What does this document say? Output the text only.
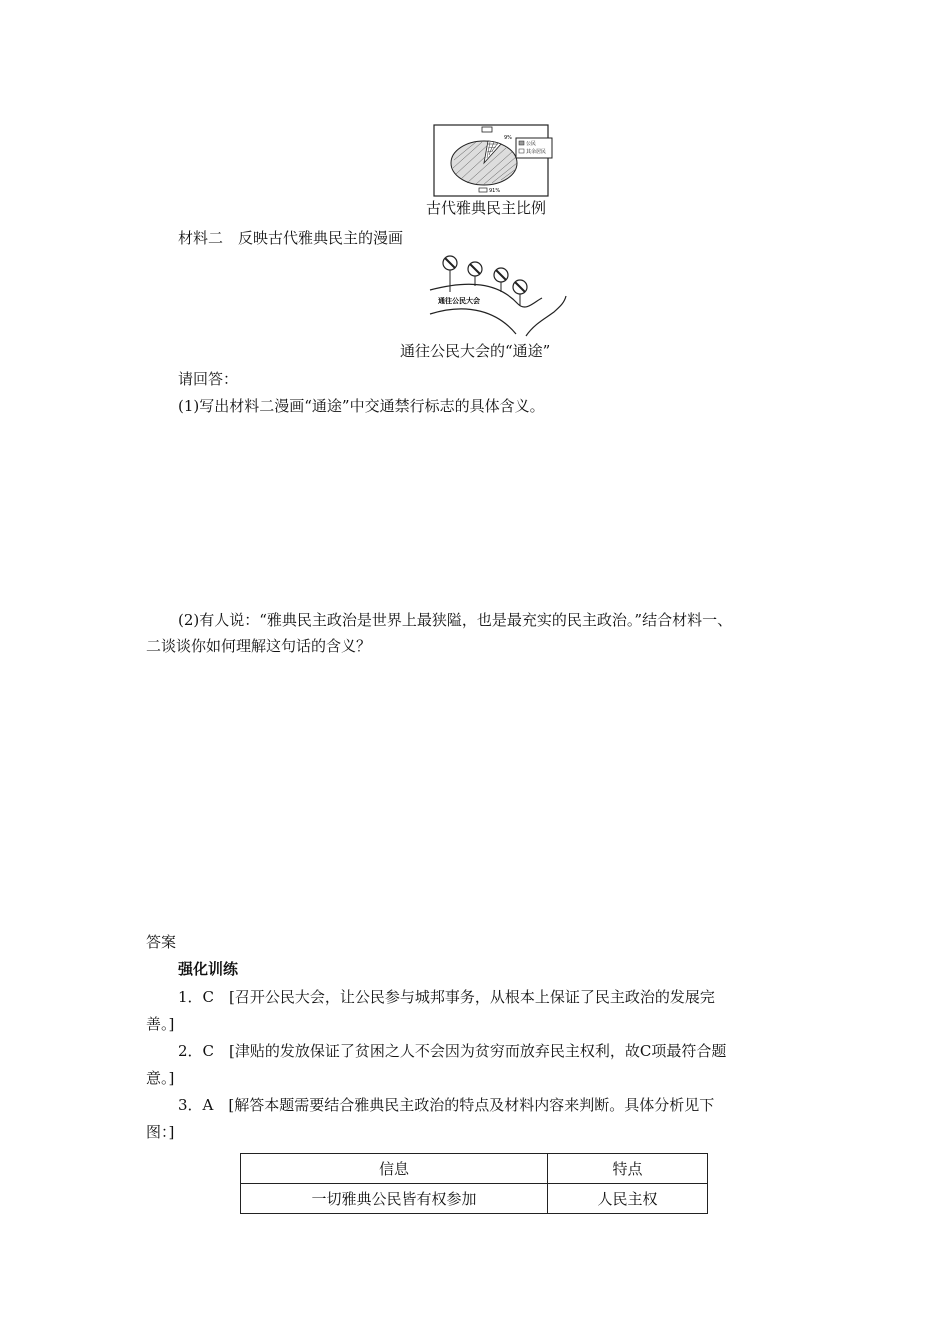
9%
91%
公民
其余居民
古代雅典民主比例
材料二　反映古代雅典民主的漫画
通往公民大会
通往公民大会的“通途”
请回答：
(1)写出材料二漫画“通途”中交通禁行标志的具体含义。
(2)有人说：“雅典民主政治是世界上最狭隘，也是最充实的民主政治。”结合材料一、
二谈谈你如何理解这句话的含义？
答案
强化训练
1．C　[召开公民大会，让公民参与城邦事务，从根本上保证了民主政治的发展完
善。]
2．C　[津贴的发放保证了贫困之人不会因为贫穷而放弃民主权利，故C项最符合题
意。]
3．A　[解答本题需要结合雅典民主政治的特点及材料内容来判断。具体分析见下
图：]
信息	特点
一切雅典公民皆有权参加	人民主权
